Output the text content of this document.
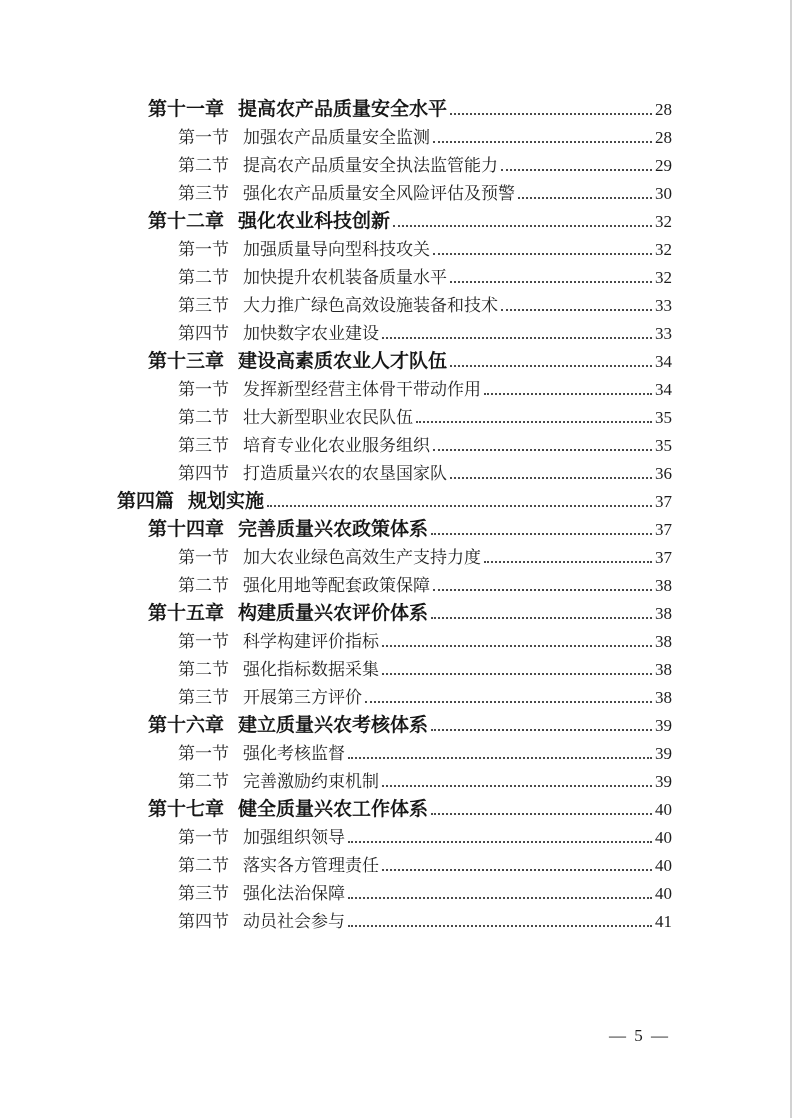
第十一章 提高农产品质量安全水平	28
第一节 加强农产品质量安全监测	28
第二节 提高农产品质量安全执法监管能力	29
第三节 强化农产品质量安全风险评估及预警	30
第十二章 强化农业科技创新	32
第一节 加强质量导向型科技攻关	32
第二节 加快提升农机装备质量水平	32
第三节 大力推广绿色高效设施装备和技术	33
第四节 加快数字农业建设	33
第十三章 建设高素质农业人才队伍	34
第一节 发挥新型经营主体骨干带动作用	34
第二节 壮大新型职业农民队伍	35
第三节 培育专业化农业服务组织	35
第四节 打造质量兴农的农垦国家队	36
第四篇 规划实施	37
第十四章 完善质量兴农政策体系	37
第一节 加大农业绿色高效生产支持力度	37
第二节 强化用地等配套政策保障	38
第十五章 构建质量兴农评价体系	38
第一节 科学构建评价指标	38
第二节 强化指标数据采集	38
第三节 开展第三方评价	38
第十六章 建立质量兴农考核体系	39
第一节 强化考核监督	39
第二节 完善激励约束机制	39
第十七章 健全质量兴农工作体系	40
第一节 加强组织领导	40
第二节 落实各方管理责任	40
第三节 强化法治保障	40
第四节 动员社会参与	41
— 5 —
